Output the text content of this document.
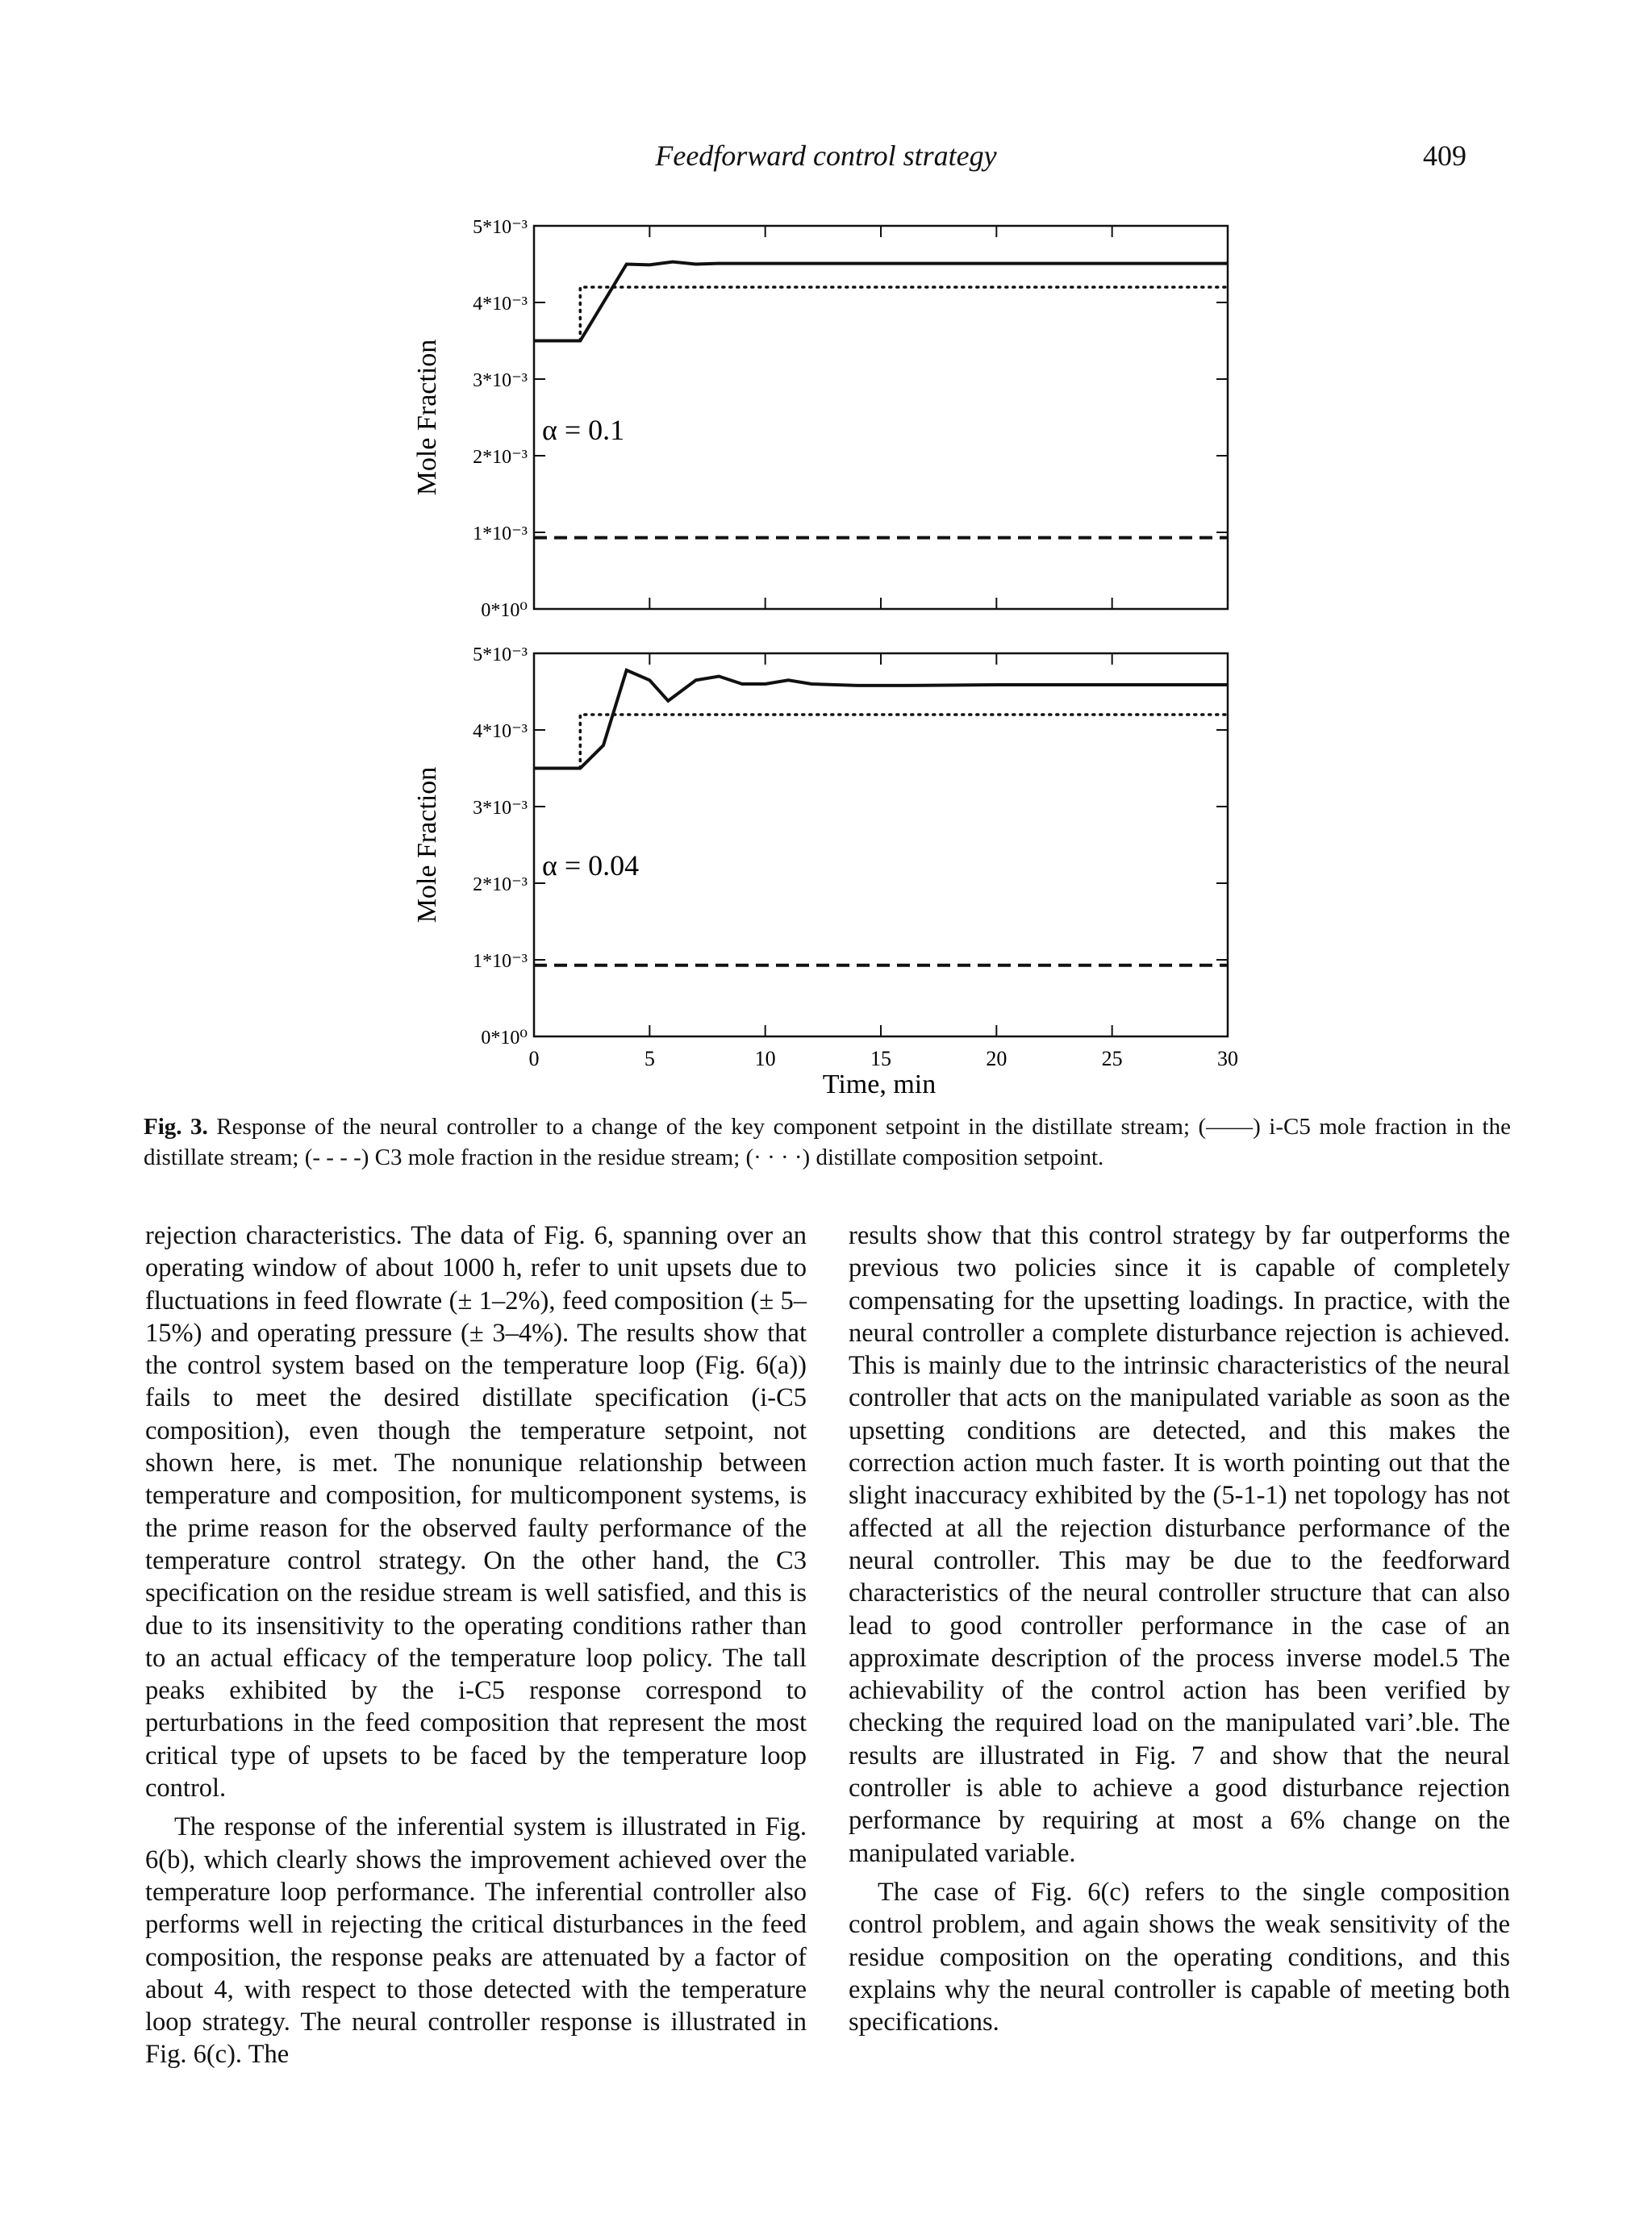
Feedforward control strategy	409
0*10⁰
1*10⁻³
2*10⁻³
3*10⁻³
4*10⁻³
5*10⁻³
Mole Fraction	α = 0.1
0	5	10	15	20	25	30
0*10⁰
1*10⁻³
2*10⁻³
3*10⁻³
4*10⁻³
5*10⁻³
Mole Fraction	α = 0.04
Time, min
Fig. 3. Response of the neural controller to a change of the key component setpoint in the distillate stream; (——) i-C5 mole fraction in the distillate stream; (- - - -) C3 mole fraction in the residue stream; (· · · ·) distillate composition setpoint.

rejection characteristics. The data of Fig. 6, spanning over an operating window of about 1000 h, refer to unit upsets due to fluctuations in feed flowrate (± 1–2%), feed composition (± 5–15%) and operating pressure (± 3–4%). The results show that the control system based on the temperature loop (Fig. 6(a)) fails to meet the desired distillate specification (i-C5 composition), even though the temperature setpoint, not shown here, is met. The nonunique relationship between temperature and composition, for multicomponent systems, is the prime reason for the observed faulty performance of the temperature control strategy. On the other hand, the C3 specification on the residue stream is well satisfied, and this is due to its insensitivity to the operating conditions rather than to an actual efficacy of the temperature loop policy. The tall peaks exhibited by the i-C5 response correspond to perturbations in the feed composition that represent the most critical type of upsets to be faced by the temperature loop control.

The response of the inferential system is illustrated in Fig. 6(b), which clearly shows the improvement achieved over the temperature loop performance. The inferential controller also performs well in rejecting the critical disturbances in the feed composition, the response peaks are attenuated by a factor of about 4, with respect to those detected with the temperature loop strategy. The neural controller response is illustrated in Fig. 6(c). The

results show that this control strategy by far outperforms the previous two policies since it is capable of completely compensating for the upsetting loadings. In practice, with the neural controller a complete disturbance rejection is achieved. This is mainly due to the intrinsic characteristics of the neural controller that acts on the manipulated variable as soon as the upsetting conditions are detected, and this makes the correction action much faster. It is worth pointing out that the slight inaccuracy exhibited by the (5-1-1) net topology has not affected at all the rejection disturbance performance of the neural controller. This may be due to the feedforward characteristics of the neural controller structure that can also lead to good controller performance in the case of an approximate description of the process inverse model.5 The achievability of the control action has been verified by checking the required load on the manipulated vari’.ble. The results are illustrated in Fig. 7 and show that the neural controller is able to achieve a good disturbance rejection performance by requiring at most a 6% change on the manipulated variable.

The case of Fig. 6(c) refers to the single composition control problem, and again shows the weak sensitivity of the residue composition on the operating conditions, and this explains why the neural controller is capable of meeting both specifications.
